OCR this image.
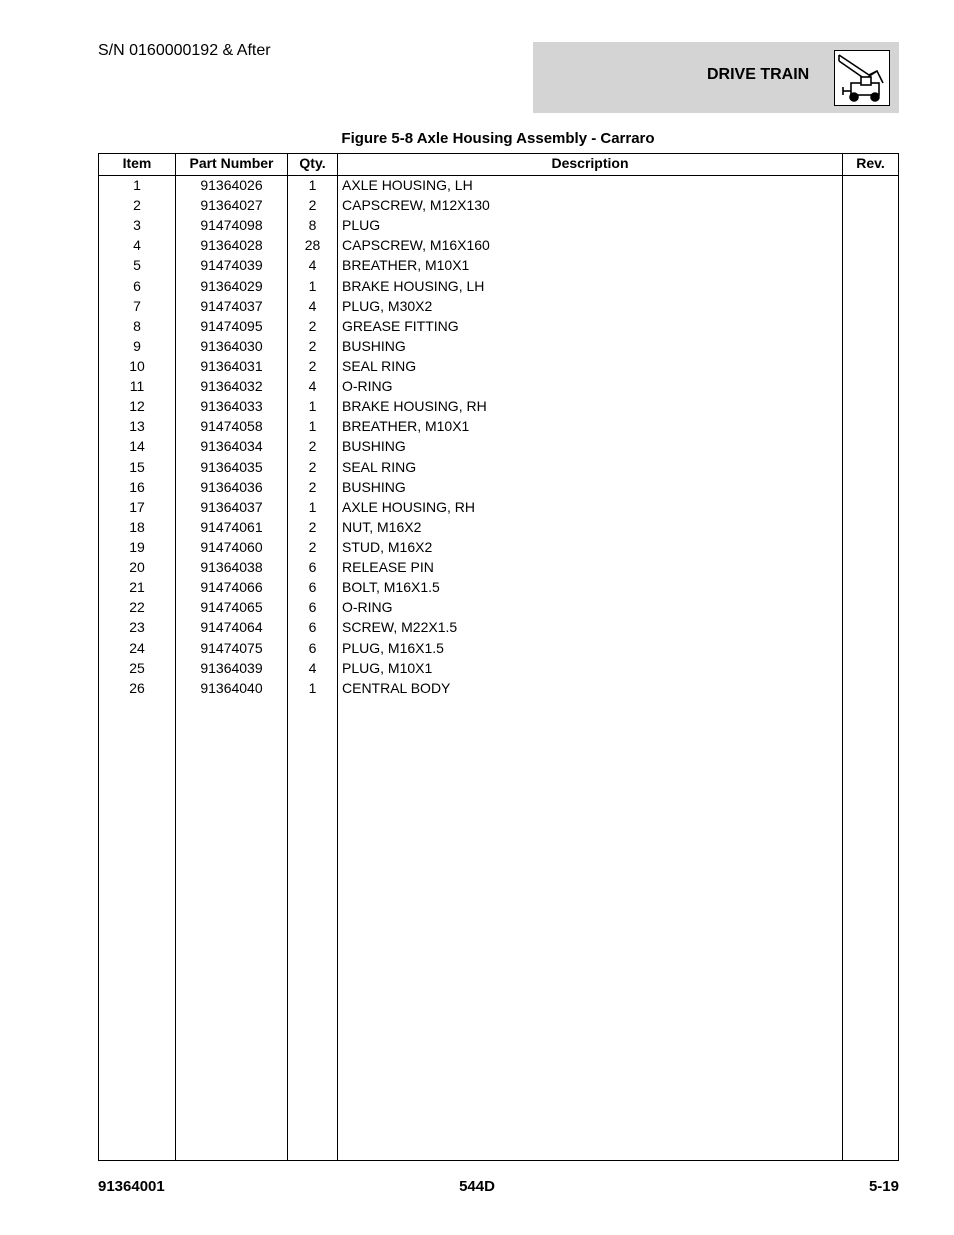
S/N 0160000192 & After
DRIVE TRAIN
Figure 5-8 Axle Housing Assembly - Carraro
Item	Part Number	Qty.	Description	Rev.
1	91364026	1	AXLE HOUSING, LH
2	91364027	2	CAPSCREW, M12X130
3	91474098	8	PLUG
4	91364028	28	CAPSCREW, M16X160
5	91474039	4	BREATHER, M10X1
6	91364029	1	BRAKE HOUSING, LH
7	91474037	4	PLUG, M30X2
8	91474095	2	GREASE FITTING
9	91364030	2	BUSHING
10	91364031	2	SEAL RING
11	91364032	4	O-RING
12	91364033	1	BRAKE HOUSING, RH
13	91474058	1	BREATHER, M10X1
14	91364034	2	BUSHING
15	91364035	2	SEAL RING
16	91364036	2	BUSHING
17	91364037	1	AXLE HOUSING, RH
18	91474061	2	NUT, M16X2
19	91474060	2	STUD, M16X2
20	91364038	6	RELEASE PIN
21	91474066	6	BOLT, M16X1.5
22	91474065	6	O-RING
23	91474064	6	SCREW, M22X1.5
24	91474075	6	PLUG, M16X1.5
25	91364039	4	PLUG, M10X1
26	91364040	1	CENTRAL BODY
91364001	544D	5-19
